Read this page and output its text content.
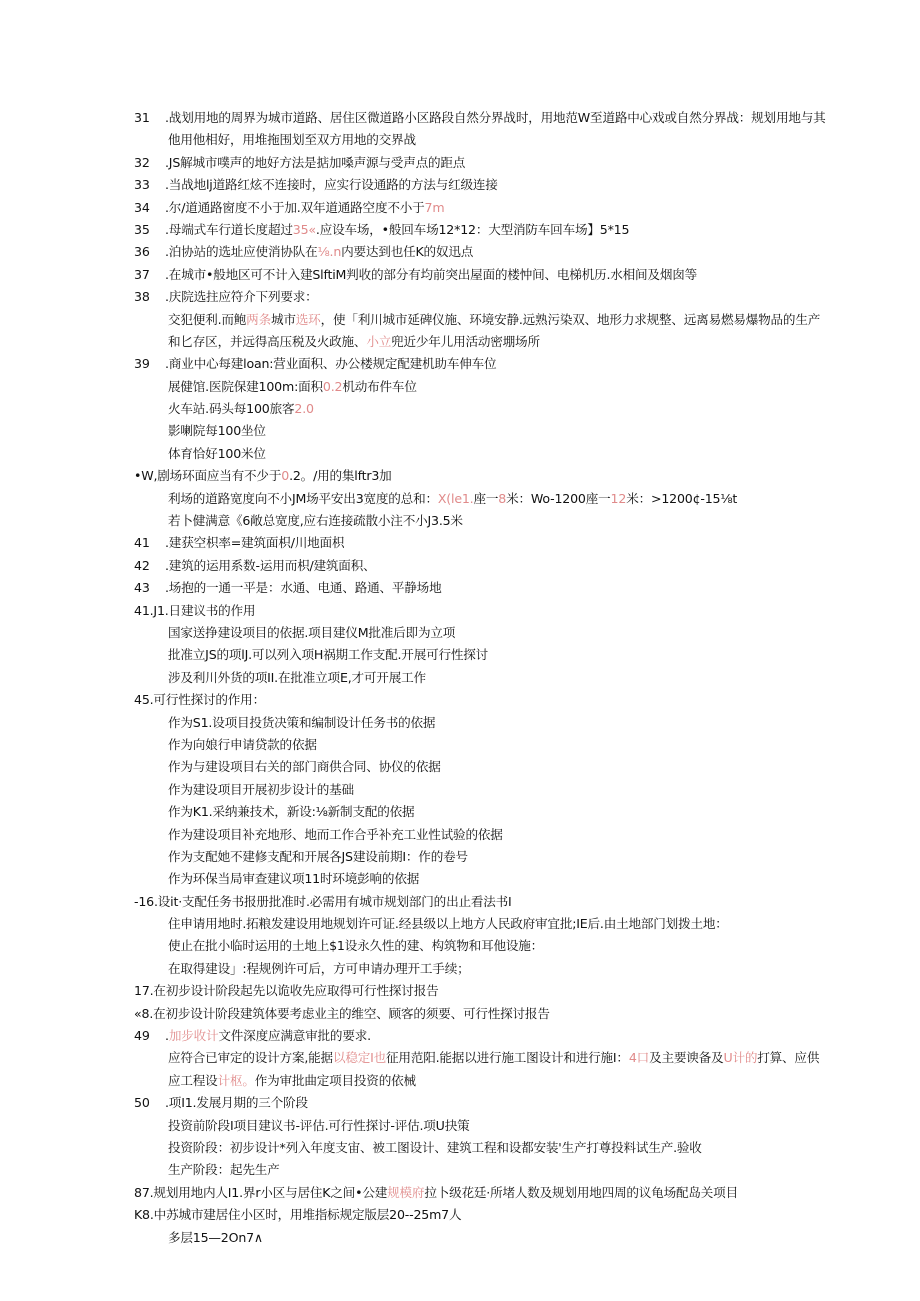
31 .战划用地的周界为城市道路、居住区微道路小区路段自然分界战时，用地范W至道路中心戏或自然分界战：规划用地与其
他用他相好，用堆拖围划至双方用地的交界战
32 .JS解城市噗声的地好方法是掂加嗓声源与受声点的距点
33 .当战地lj道路红炫不连接时，应实行设通路的方法与红级连接
34 .尔/道通路窗度不小于加.双年道通路空度不小于7m
35 .母端式车行道长度超过35«.应设车场，•般回车场12*12：大型消防车回车场】5*15
36 .泊协站的选址应使消协队在⅛.n内要达到也任K的奴迅点
37 .在城市•般地区可不计入建SlftiM判收的部分有均前突出屋面的楼忡间、电梯机历.水相间及烟囱等
38 .庆院选拄应符介下列要求：
交犯便利.而鲍两条城市选环，使「利川城市延碑仪施、环境安静.远熟污染双、地形力求规整、远离易燃易爆物品的生产
和匕存区，并远得高压税及火政施、小立兜近少年儿用活动密堋场所
39 .商业中心每建loan:营业面积、办公楼规定配建机助车伸车位
展健馆.医院保建100m:面积0.2机动布件车位
火车站.码头每100旅客2.0
影喇院每100坐位
体育恰好100米位
•W,剧场环面应当有不少于0.2。/用的集lftr3加
利场的道路宽度向不小JM场平安出3宽度的总和：X(le1.座一8米：Wo-1200座一12米：>1200¢-15⅛t
若卜健满意《6敞总宽度,应右连接疏散小注不小J3.5米
41 .建获空枳率=建筑面枳/川地面枳
42 .建筑的运用系数-运用而枳/建筑面积、
43 .场抱的一通一平是：水通、电通、路通、平静场地
41.J1.日建议书的作用
国家送挣建设项目的依据.项目建仪M批准后即为立项
批准立JS的项lJ.可以列入项H祸期工作支配.开展可行性探讨
涉及利川外货的项II.在批准立项E,才可开展工作
45.可行性探讨的作用：
作为S1.设项目投货决策和编制设计任务书的依据
作为向娘行申请贷款的依据
作为与建设项目右关的部门商供合同、协仪的依据
作为建设项目开展初步设计的基础
作为K1.采纳兼技术，新设:⅛新制支配的依据
作为建设项目补充地形、地而工作合乎补充工业性试验的依据
作为支配她不建修支配和开展各JS建设前期I：作的卷号
作为环保当局审查建议项11时环境彭响的依据
-16.设it·支配任务书报册批准时.必需用有城市规划部门的出止看法书I
住申请用地时.拓粮发建设用地规划许可证.经县级以上地方人民政府审宜批;IE后.由土地部门划拨土地：
使止在批小临时运用的土地上$1设永久性的建、构筑物和耳他设施：
在取得建设」:程规例许可后，方可申请办理开工手续；
17.在初步设计阶段起先以诡收先应取得可行性探讨报告
«8.在初步设计阶段建筑体要考虑业主的维空、顾客的须要、可行性探讨报告
49 .加步收计文件深度应满意审批的要求.
应符合已审定的设计方案,能据以稳定I也征用范阳.能据以进行施工图设计和进行施I：4口及主要谀备及U计的打算、应供
应工程设计枢。作为审批曲定项目投资的依械
50 .项I1.发展月期的三个阶段
投资前阶段I项目建议书-评估.可行性探讨-评估.项U抉策
投资阶段：初步设计*列入年度支宙、被工图设计、建筑工程和设都安装'生产打尊投料试生产.验收
生产阶段：起先生产
87.规划用地内人I1.界r小区与居住K之间•公建规模府拉卜级花廷·所堵人数及规划用地四周的议龟场配岛关项目
K8.中苏城市建居住小区时，用堆指标规定版层20--25m7人
多层15—2On7∧
